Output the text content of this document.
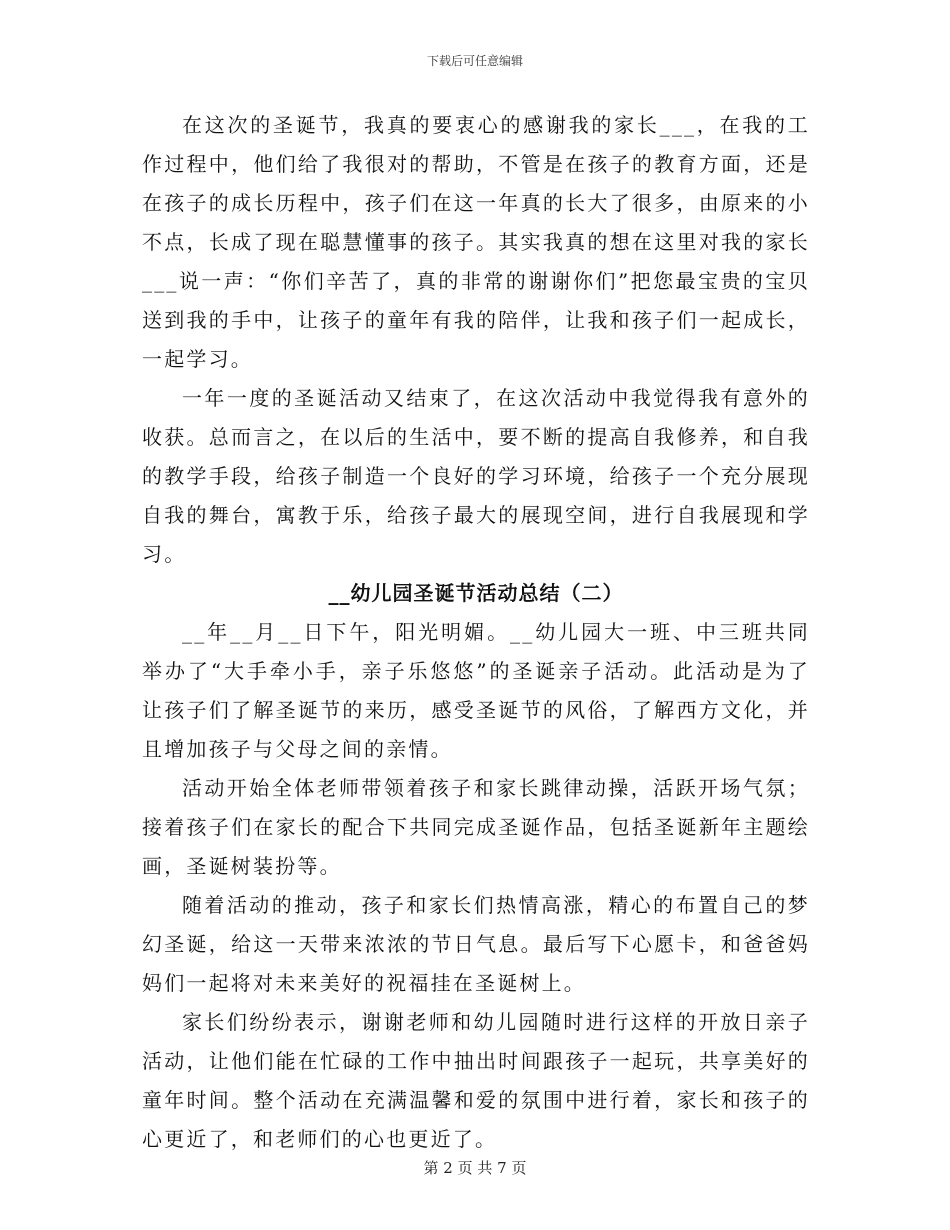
下载后可任意编辑

在这次的圣诞节，我真的要衷心的感谢我的家长___，在我的工作过程中，他们给了我很对的帮助，不管是在孩子的教育方面，还是在孩子的成长历程中，孩子们在这一年真的长大了很多，由原来的小不点，长成了现在聪慧懂事的孩子。其实我真的想在这里对我的家长___说一声：“你们辛苦了，真的非常的谢谢你们”把您最宝贵的宝贝送到我的手中，让孩子的童年有我的陪伴，让我和孩子们一起成长，一起学习。

一年一度的圣诞活动又结束了，在这次活动中我觉得我有意外的收获。总而言之，在以后的生活中，要不断的提高自我修养，和自我的教学手段，给孩子制造一个良好的学习环境，给孩子一个充分展现自我的舞台，寓教于乐，给孩子最大的展现空间，进行自我展现和学习。

__幼儿园圣诞节活动总结（二）

__年__月__日下午，阳光明媚。__幼儿园大一班、中三班共同举办了“大手牵小手，亲子乐悠悠”的圣诞亲子活动。此活动是为了让孩子们了解圣诞节的来历，感受圣诞节的风俗，了解西方文化，并且增加孩子与父母之间的亲情。

活动开始全体老师带领着孩子和家长跳律动操，活跃开场气氛；接着孩子们在家长的配合下共同完成圣诞作品，包括圣诞新年主题绘画，圣诞树装扮等。

随着活动的推动，孩子和家长们热情高涨，精心的布置自己的梦幻圣诞，给这一天带来浓浓的节日气息。最后写下心愿卡，和爸爸妈妈们一起将对未来美好的祝福挂在圣诞树上。

家长们纷纷表示，谢谢老师和幼儿园随时进行这样的开放日亲子活动，让他们能在忙碌的工作中抽出时间跟孩子一起玩，共享美好的童年时间。整个活动在充满温馨和爱的氛围中进行着，家长和孩子的心更近了，和老师们的心也更近了。

第 2 页 共 7 页
